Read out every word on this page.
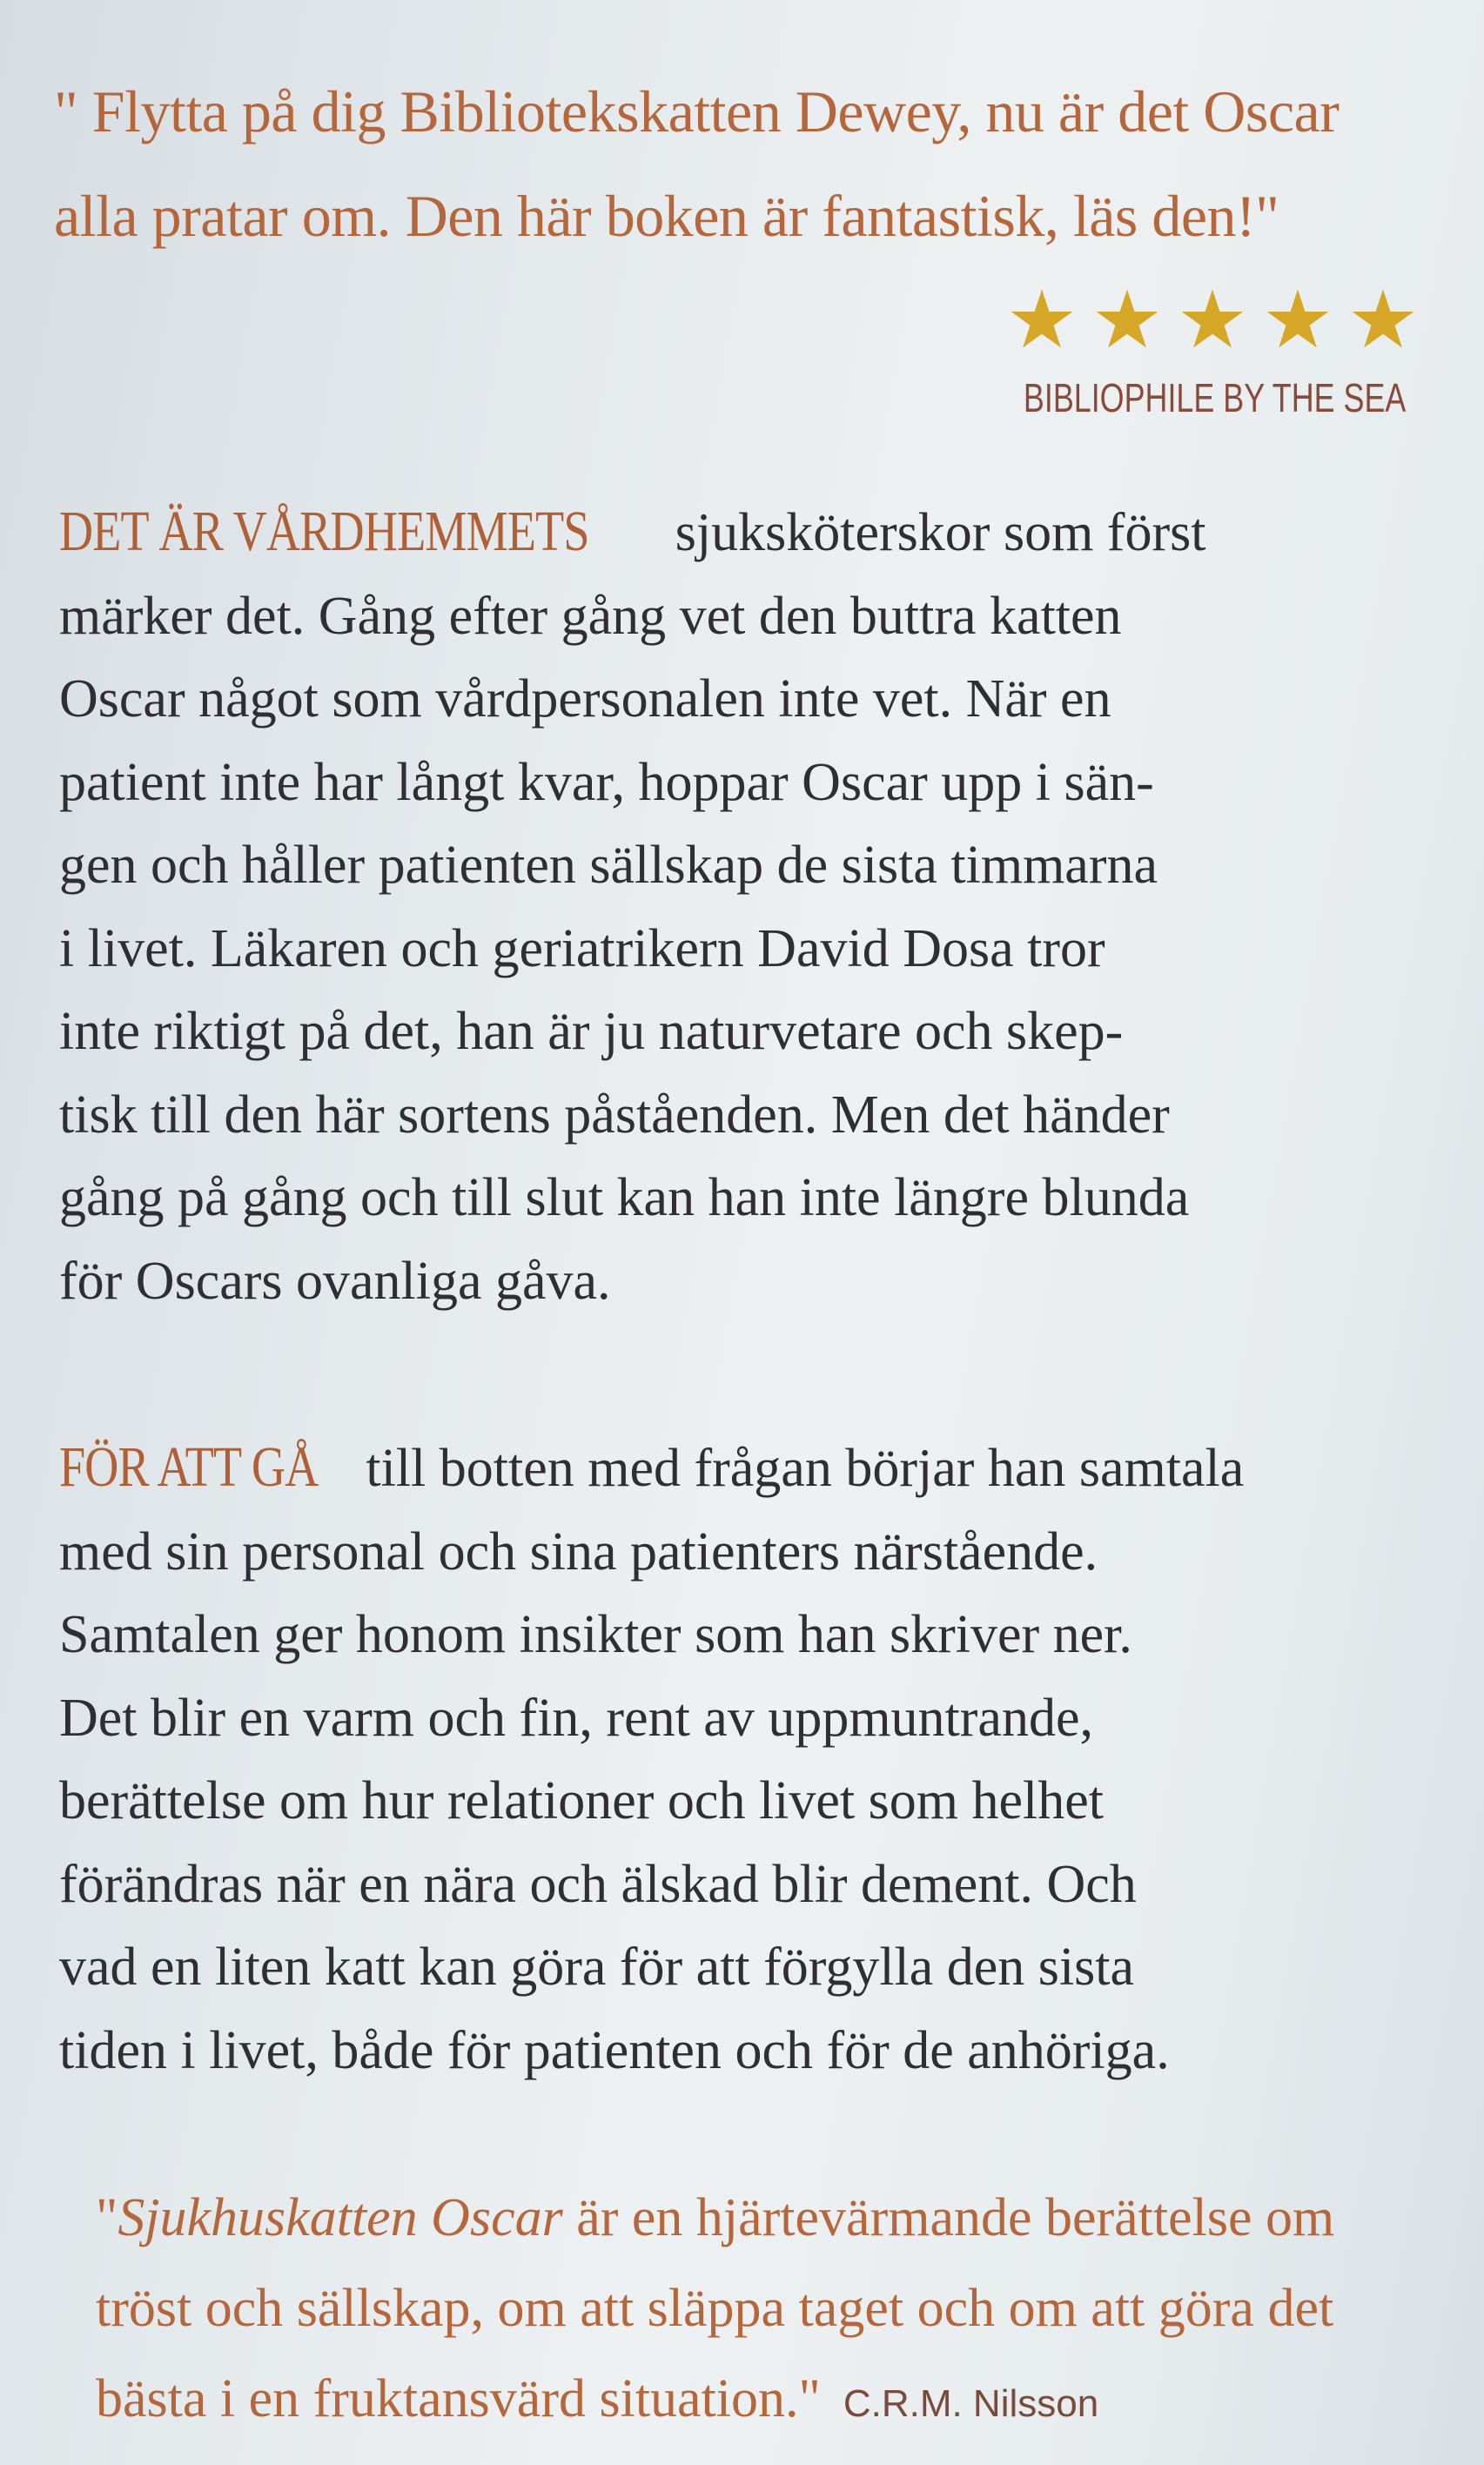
" Flytta på dig Bibliotekskatten Dewey, nu är det Oscar
alla pratar om. Den här boken är fantastisk, läs den!"
★ ★ ★ ★ ★
BIBLIOPHILE BY THE SEA
DET ÄR VÅRDHEMMETS sjuksköterskor som först
märker det. Gång efter gång vet den buttra katten
Oscar något som vårdpersonalen inte vet. När en
patient inte har långt kvar, hoppar Oscar upp i sän-
gen och håller patienten sällskap de sista timmarna
i livet. Läkaren och geriatrikern David Dosa tror
inte riktigt på det, han är ju naturvetare och skep-
tisk till den här sortens påståenden. Men det händer
gång på gång och till slut kan han inte längre blunda
för Oscars ovanliga gåva.
FÖR ATT GÅ till botten med frågan börjar han samtala
med sin personal och sina patienters närstående.
Samtalen ger honom insikter som han skriver ner.
Det blir en varm och fin, rent av uppmuntrande,
berättelse om hur relationer och livet som helhet
förändras när en nära och älskad blir dement. Och
vad en liten katt kan göra för att förgylla den sista
tiden i livet, både för patienten och för de anhöriga.
"Sjukhuskatten Oscar är en hjärtevärmande berättelse om
tröst och sällskap, om att släppa taget och om att göra det
bästa i en fruktansvärd situation." C.R.M. Nilsson
